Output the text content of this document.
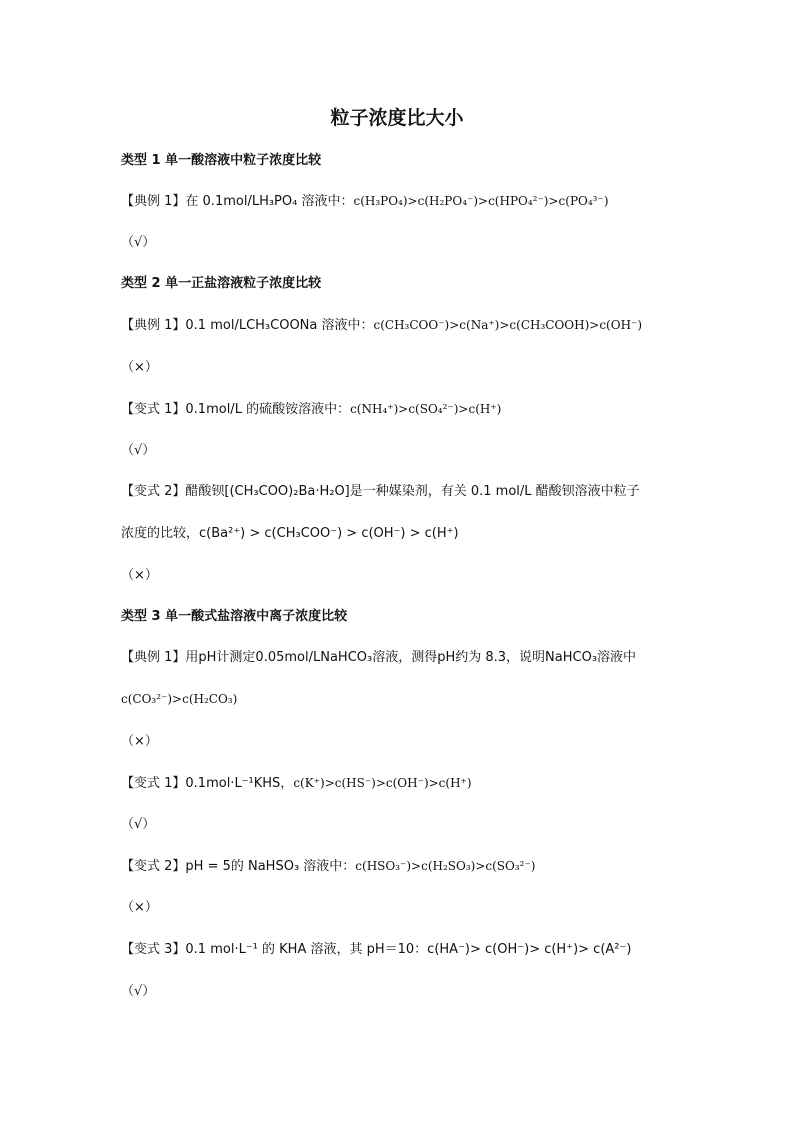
粒子浓度比大小
类型 1 单一酸溶液中粒子浓度比较
【典例 1】在 0.1mol/LH₃PO₄ 溶液中：c(H₃PO₄)>c(H₂PO₄⁻)>c(HPO₄²⁻)>c(PO₄³⁻)
（√）
类型 2 单一正盐溶液粒子浓度比较
【典例 1】0.1 mol/LCH₃COONa 溶液中：c(CH₃COO⁻)>c(Na⁺)>c(CH₃COOH)>c(OH⁻)
（×）
【变式 1】0.1mol/L 的硫酸铵溶液中：c(NH₄⁺)>c(SO₄²⁻)>c(H⁺)
（√）
【变式 2】醋酸钡[(CH₃COO)₂Ba·H₂O]是一种媒染剂，有关 0.1 mol/L 醋酸钡溶液中粒子
浓度的比较，c(Ba²⁺) > c(CH₃COO⁻) > c(OH⁻) > c(H⁺)
（×）
类型 3 单一酸式盐溶液中离子浓度比较
【典例 1】用pH计测定0.05mol/LNaHCO₃溶液，测得pH约为 8.3，说明NaHCO₃溶液中
c(CO₃²⁻)>c(H₂CO₃)
（×）
【变式 1】0.1mol·L⁻¹KHS，c(K⁺)>c(HS⁻)>c(OH⁻)>c(H⁺)
（√）
【变式 2】pH = 5的 NaHSO₃ 溶液中：c(HSO₃⁻)>c(H₂SO₃)>c(SO₃²⁻)
（×）
【变式 3】0.1 mol·L⁻¹ 的 KHA 溶液，其 pH＝10：c(HA⁻)> c(OH⁻)> c(H⁺)> c(A²⁻)
（√）
